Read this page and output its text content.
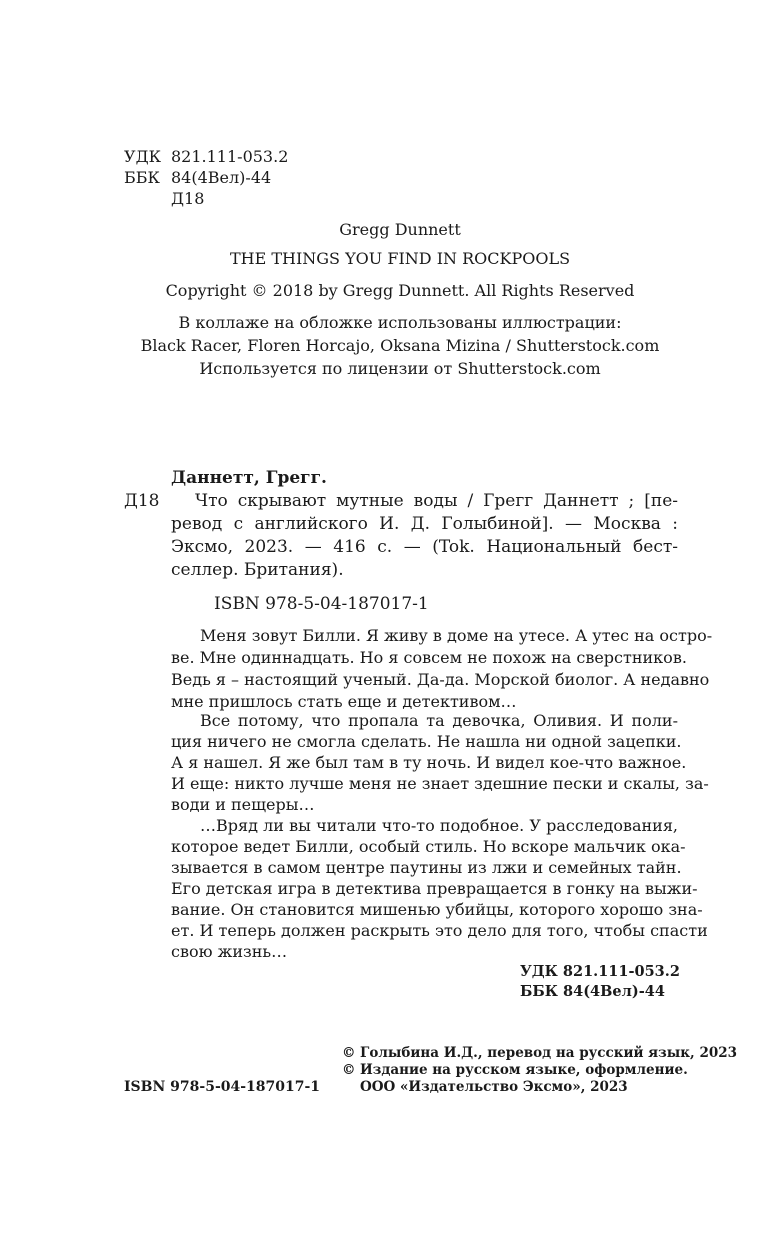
УДК 821.111-053.2
ББК 84(4Вел)-44
Д18
Gregg Dunnett
THE THINGS YOU FIND IN ROCKPOOLS
Copyright © 2018 by Gregg Dunnett. All Rights Reserved
В коллаже на обложке использованы иллюстрации:
Black Racer, Floren Horcajo, Oksana Mizina / Shutterstock.com
Используется по лицензии от Shutterstock.com
Даннетт, Грегг.
Д18 Что скрывают мутные воды / Грегг Даннетт ; [пе-
ревод с английского И. Д. Голыбиной]. — Москва :
Эксмо, 2023. — 416 с. — (Tok. Национальный бест-
селлер. Британия).
ISBN 978-5-04-187017-1
Меня зовут Билли. Я живу в доме на утесе. А утес на остро-
ве. Мне одиннадцать. Но я совсем не похож на сверстников.
Ведь я – настоящий ученый. Да-да. Морской биолог. А недавно
мне пришлось стать еще и детективом…
Все потому, что пропала та девочка, Оливия. И поли-
ция ничего не смогла сделать. Не нашла ни одной зацепки.
А я нашел. Я же был там в ту ночь. И видел кое-что важное.
И еще: никто лучше меня не знает здешние пески и скалы, за-
води и пещеры…
…Вряд ли вы читали что-то подобное. У расследования,
которое ведет Билли, особый стиль. Но вскоре мальчик ока-
зывается в самом центре паутины из лжи и семейных тайн.
Его детская игра в детектива превращается в гонку на выжи-
вание. Он становится мишенью убийцы, которого хорошо зна-
ет. И теперь должен раскрыть это дело для того, чтобы спасти
свою жизнь…
УДК 821.111-053.2
ББК 84(4Вел)-44
© Голыбина И.Д., перевод на русский язык, 2023
© Издание на русском языке, оформление.
ООО «Издательство Эксмо», 2023
ISBN 978-5-04-187017-1
